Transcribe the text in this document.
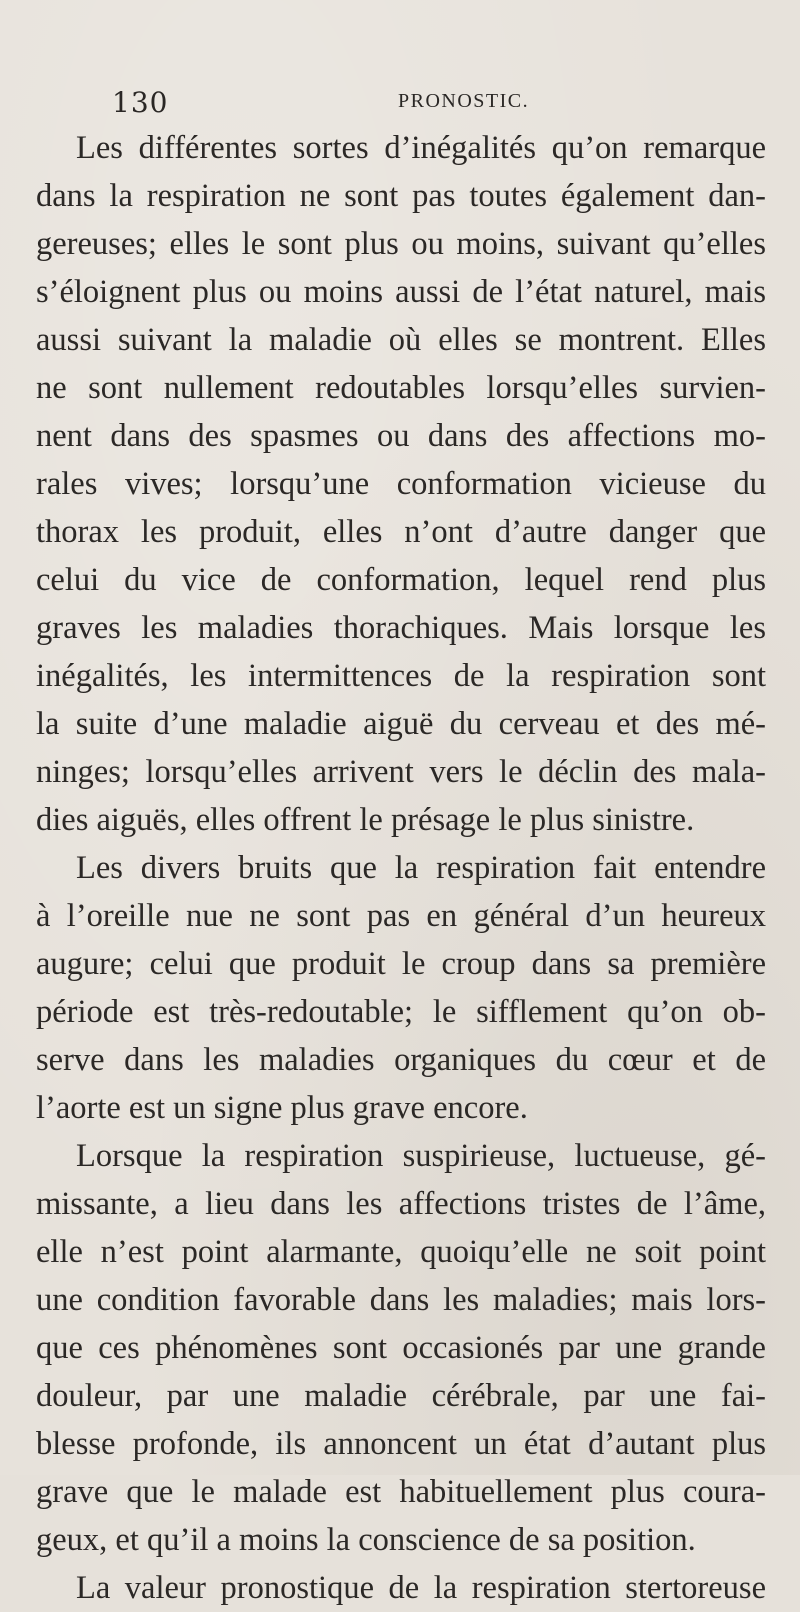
130	PRONOSTIC.
Les différentes sortes d’inégalités qu’on remarque
dans la respiration ne sont pas toutes également dan-
gereuses; elles le sont plus ou moins, suivant qu’elles
s’éloignent plus ou moins aussi de l’état naturel, mais
aussi suivant la maladie où elles se montrent. Elles
ne sont nullement redoutables lorsqu’elles survien-
nent dans des spasmes ou dans des affections mo-
rales vives; lorsqu’une conformation vicieuse du
thorax les produit, elles n’ont d’autre danger que
celui du vice de conformation, lequel rend plus
graves les maladies thorachiques. Mais lorsque les
inégalités, les intermittences de la respiration sont
la suite d’une maladie aiguë du cerveau et des mé-
ninges; lorsqu’elles arrivent vers le déclin des mala-
dies aiguës, elles offrent le présage le plus sinistre.
Les divers bruits que la respiration fait entendre
à l’oreille nue ne sont pas en général d’un heureux
augure; celui que produit le croup dans sa première
période est très-redoutable; le sifflement qu’on ob-
serve dans les maladies organiques du cœur et de
l’aorte est un signe plus grave encore.
Lorsque la respiration suspirieuse, luctueuse, gé-
missante, a lieu dans les affections tristes de l’âme,
elle n’est point alarmante, quoiqu’elle ne soit point
une condition favorable dans les maladies; mais lors-
que ces phénomènes sont occasionés par une grande
douleur, par une maladie cérébrale, par une fai-
blesse profonde, ils annoncent un état d’autant plus
grave que le malade est habituellement plus coura-
geux, et qu’il a moins la conscience de sa position.
La valeur pronostique de la respiration stertoreuse
